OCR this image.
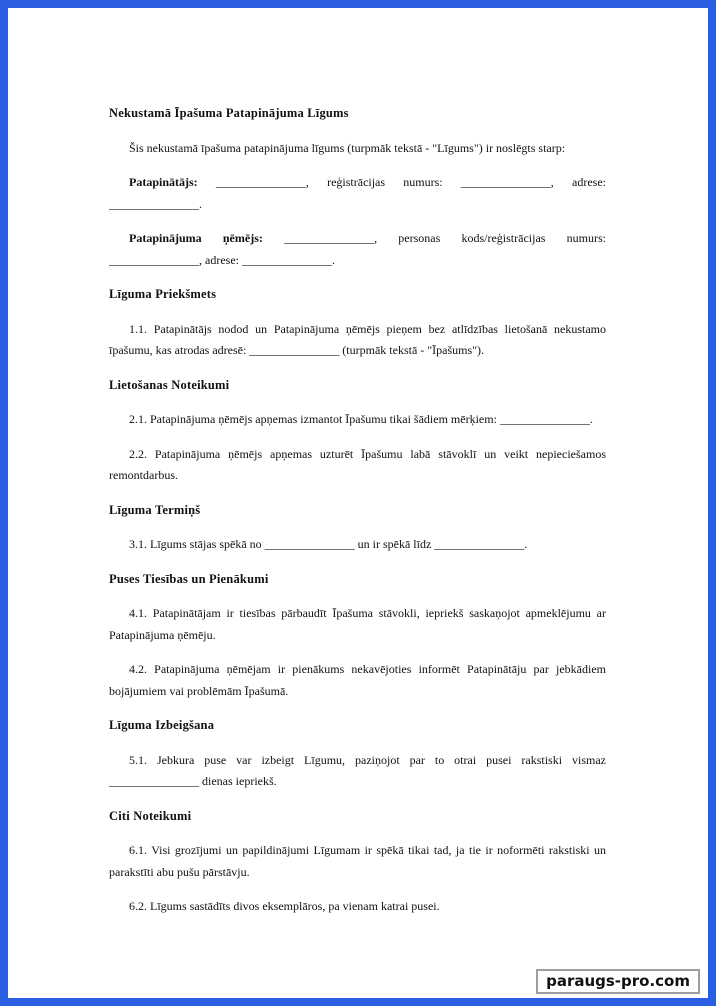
Nekustamā Īpašuma Patapinājuma Līgums

Šis nekustamā īpašuma patapinājuma līgums (turpmāk tekstā - "Līgums") ir noslēgts starp:

Patapinātājs: _______________, reģistrācijas numurs: _______________, adrese: _______________.

Patapinājuma ņēmējs: _______________, personas kods/reģistrācijas numurs: _______________, adrese: _______________.

Līguma Priekšmets

1.1. Patapinātājs nodod un Patapinājuma ņēmējs pieņem bez atlīdzības lietošanā nekustamo īpašumu, kas atrodas adresē: _______________ (turpmāk tekstā - "Īpašums").

Lietošanas Noteikumi

2.1. Patapinājuma ņēmējs apņemas izmantot Īpašumu tikai šādiem mērķiem: _______________.

2.2. Patapinājuma ņēmējs apņemas uzturēt Īpašumu labā stāvoklī un veikt nepieciešamos remontdarbus.

Līguma Termiņš

3.1. Līgums stājas spēkā no _______________ un ir spēkā līdz _______________.

Puses Tiesības un Pienākumi

4.1. Patapinātājam ir tiesības pārbaudīt Īpašuma stāvokli, iepriekš saskaņojot apmeklējumu ar Patapinājuma ņēmēju.

4.2. Patapinājuma ņēmējam ir pienākums nekavējoties informēt Patapinātāju par jebkādiem bojājumiem vai problēmām Īpašumā.

Līguma Izbeigšana

5.1. Jebkura puse var izbeigt Līgumu, paziņojot par to otrai pusei rakstiski vismaz _______________ dienas iepriekš.

Citi Noteikumi

6.1. Visi grozījumi un papildinājumi Līgumam ir spēkā tikai tad, ja tie ir noformēti rakstiski un parakstīti abu pušu pārstāvju.

6.2. Līgums sastādīts divos eksemplāros, pa vienam katrai pusei.

paraugs-pro.com
